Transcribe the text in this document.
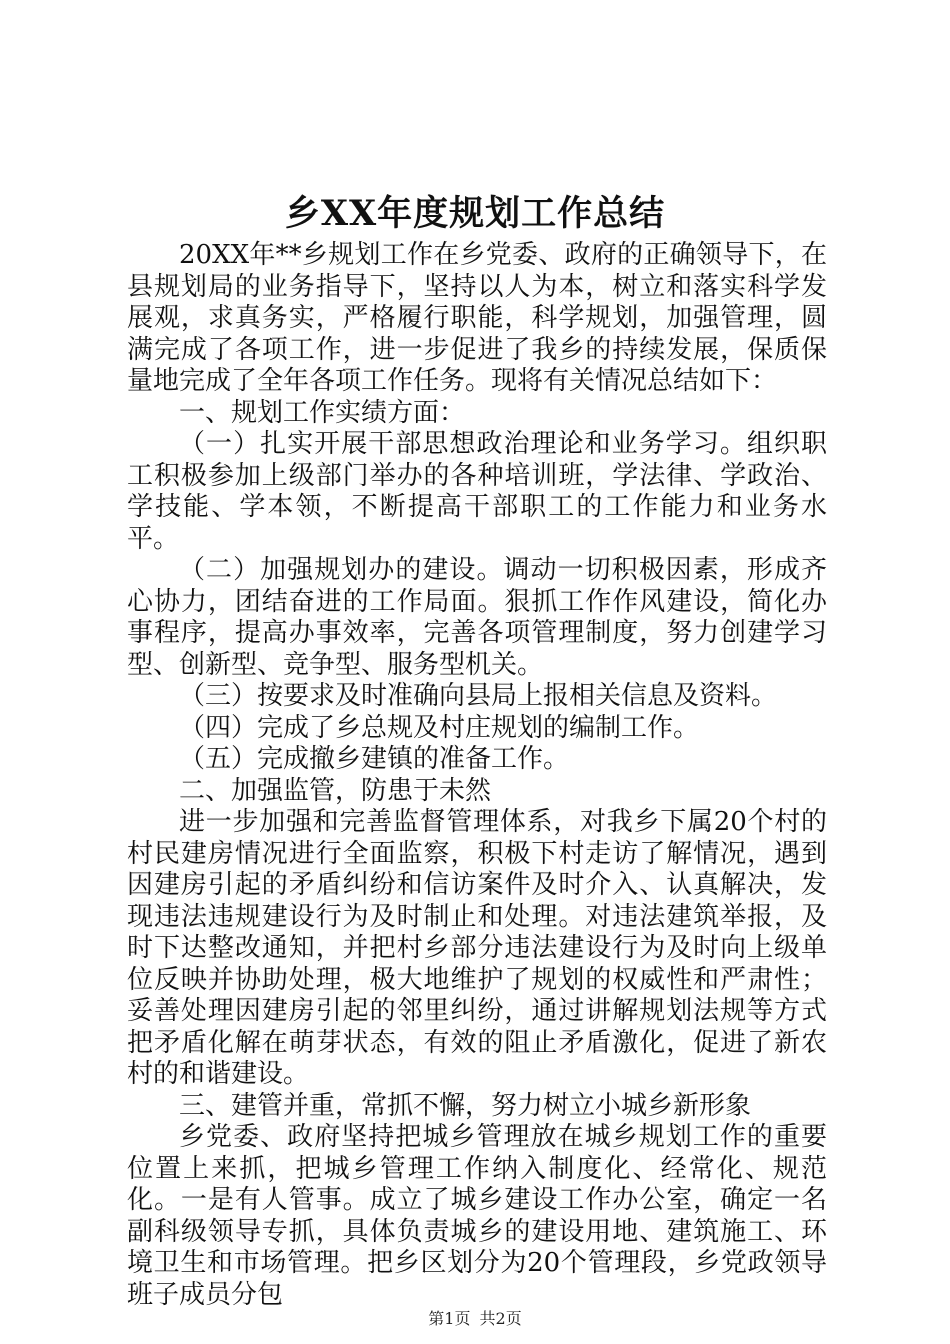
乡XX年度规划工作总结

20XX年**乡规划工作在乡党委、政府的正确领导下，在县规划局的业务指导下，坚持以人为本，树立和落实科学发展观，求真务实，严格履行职能，科学规划，加强管理，圆满完成了各项工作，进一步促进了我乡的持续发展，保质保量地完成了全年各项工作任务。现将有关情况总结如下：

一、规划工作实绩方面：

（一）扎实开展干部思想政治理论和业务学习。组织职工积极参加上级部门举办的各种培训班，学法律、学政治、学技能、学本领，不断提高干部职工的工作能力和业务水平。

（二）加强规划办的建设。调动一切积极因素，形成齐心协力，团结奋进的工作局面。狠抓工作作风建设，简化办事程序，提高办事效率，完善各项管理制度，努力创建学习型、创新型、竞争型、服务型机关。

（三）按要求及时准确向县局上报相关信息及资料。

（四）完成了乡总规及村庄规划的编制工作。

（五）完成撤乡建镇的准备工作。

二、加强监管，防患于未然

进一步加强和完善监督管理体系，对我乡下属20个村的村民建房情况进行全面监察，积极下村走访了解情况，遇到因建房引起的矛盾纠纷和信访案件及时介入、认真解决，发现违法违规建设行为及时制止和处理。对违法建筑举报，及时下达整改通知，并把村乡部分违法建设行为及时向上级单位反映并协助处理，极大地维护了规划的权威性和严肃性；妥善处理因建房引起的邻里纠纷，通过讲解规划法规等方式把矛盾化解在萌芽状态，有效的阻止矛盾激化，促进了新农村的和谐建设。

三、建管并重，常抓不懈，努力树立小城乡新形象

乡党委、政府坚持把城乡管理放在城乡规划工作的重要位置上来抓，把城乡管理工作纳入制度化、经常化、规范化。一是有人管事。成立了城乡建设工作办公室，确定一名副科级领导专抓，具体负责城乡的建设用地、建筑施工、环境卫生和市场管理。把乡区划分为20个管理段，乡党政领导班子成员分包

第1页 共2页
